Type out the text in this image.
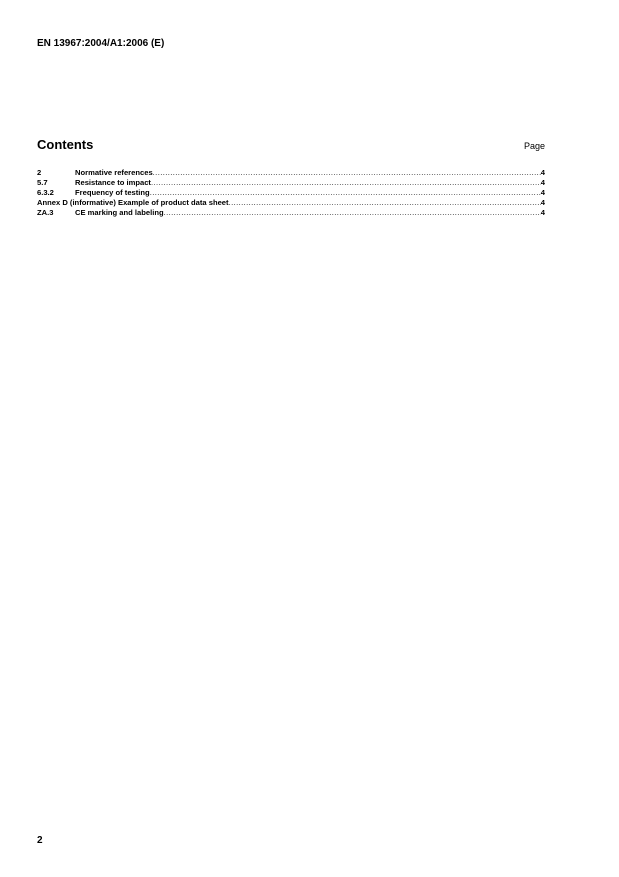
EN 13967:2004/A1:2006 (E)
Contents	Page
2	Normative references .....	4
5.7	Resistance to impact .....	4
6.3.2	Frequency of testing .....	4
Annex D (informative) Example of product data sheet .....	4
ZA.3	CE marking and labeling .....	4
2
